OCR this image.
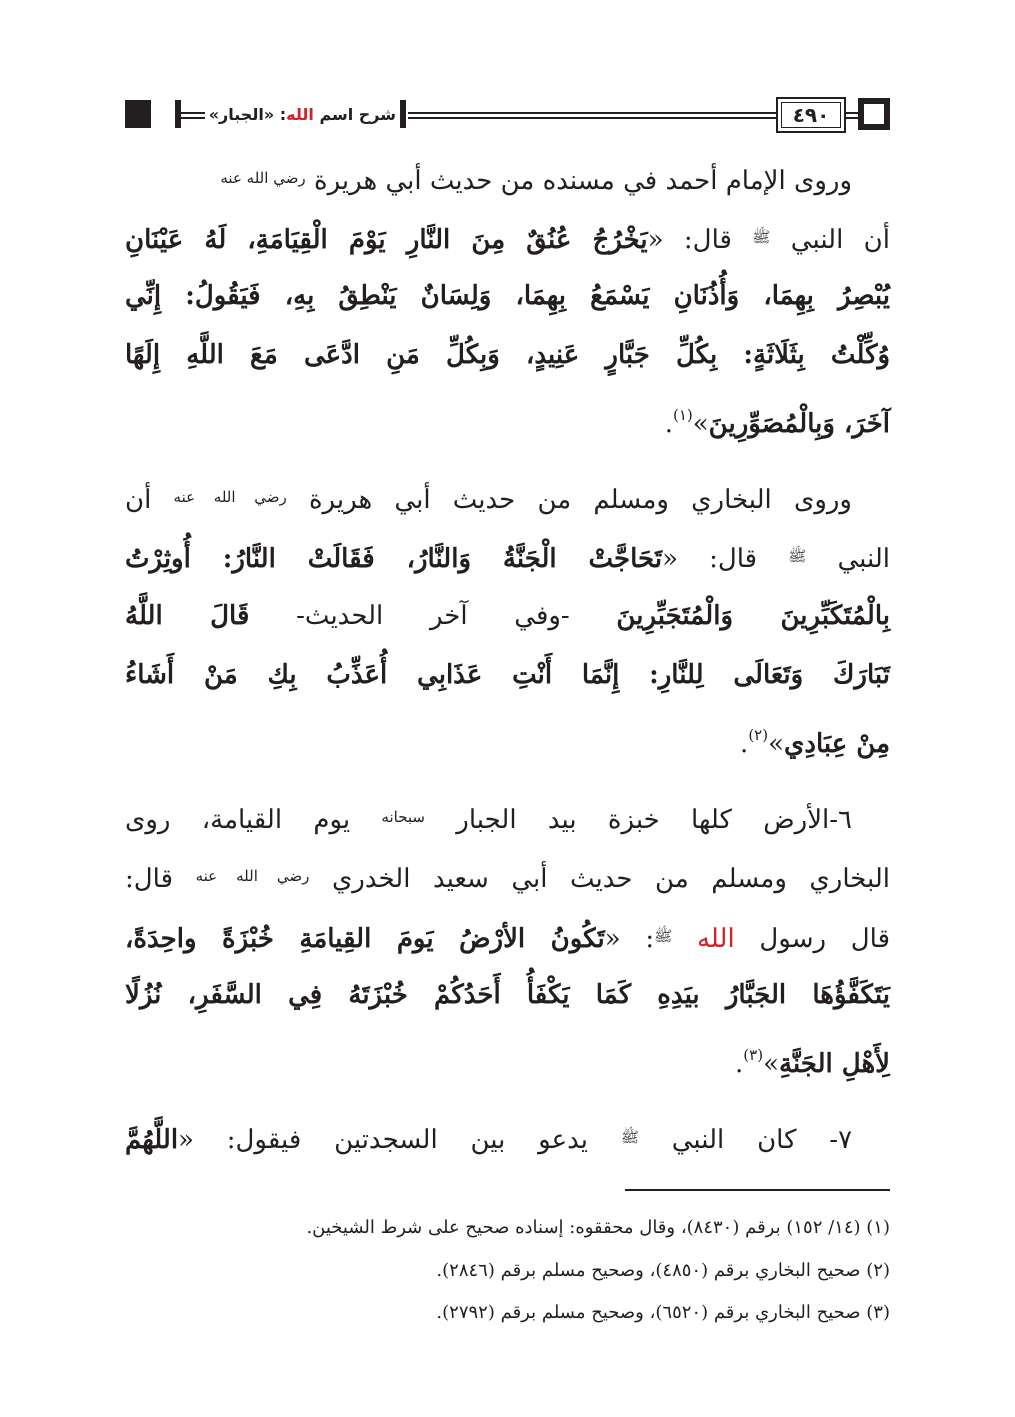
٤٩٠
شرح اسم الله: «الجبار»
وروى الإمام أحمد في مسنده من حديث أبي هريرة $^{رضي الله عنه}$
أن النبي $^ﷺ$ قال: «يَخْرُجُ عُنُقٌ مِنَ النَّارِ يَوْمَ الْقِيَامَةِ، لَهُ عَيْنَانِ
يُبْصِرُ بِهِمَا، وَأُذُنَانِ يَسْمَعُ بِهِمَا، وَلِسَانٌ يَنْطِقُ بِهِ، فَيَقُولُ: إِنِّي
وُكِّلْتُ بِثَلَاثَةٍ: بِكُلِّ جَبَّارٍ عَنِيدٍ، وَبِكُلِّ مَنِ ادَّعَى مَعَ اللَّهِ إِلَهًا
آخَرَ، وَبِالْمُصَوِّرِينَ»$^{(١)}$.
وروى البخاري ومسلم من حديث أبي هريرة $^{رضي الله عنه}$ أن
النبي $^ﷺ$ قال: «تَحَاجَّتْ الْجَنَّةُ وَالنَّارُ، فَقَالَتْ النَّارُ: أُوثِرْتُ
بِالْمُتَكَبِّرِينَ وَالْمُتَجَبِّرِينَ -وفي آخر الحديث- قَالَ اللَّهُ
تَبَارَكَ وَتَعَالَى لِلنَّارِ: إِنَّمَا أَنْتِ عَذَابِي أُعَذِّبُ بِكِ مَنْ أَشَاءُ
مِنْ عِبَادِي»$^{(٢)}$.
٦-الأرض كلها خبزة بيد الجبار $^{سبحانه}$ يوم القيامة، روى
البخاري ومسلم من حديث أبي سعيد الخدري $^{رضي الله عنه}$ قال:
قال رسول الله $^ﷺ$: «تَكُونُ الأرْضُ يَومَ القِيامَةِ خُبْزَةً واحِدَةً،
يَتَكَفَّؤُهَا الجَبَّارُ بيَدِهِ كَمَا يَكْفَأُ أَحَدُكُمْ خُبْزَتَهُ فِي السَّفَرِ، نُزُلًا
لِأَهْلِ الجَنَّةِ»$^{(٣)}$.
٧- كان النبي $^ﷺ$ يدعو بين السجدتين فيقول: «اللَّهُمَّ
(١) (١٤/ ١٥٢) برقم (٨٤٣٠)، وقال محققوه: إسناده صحيح على شرط الشيخين.
(٢) صحيح البخاري برقم (٤٨٥٠)، وصحيح مسلم برقم (٢٨٤٦).
(٣) صحيح البخاري برقم (٦٥٢٠)، وصحيح مسلم برقم (٢٧٩٢).
